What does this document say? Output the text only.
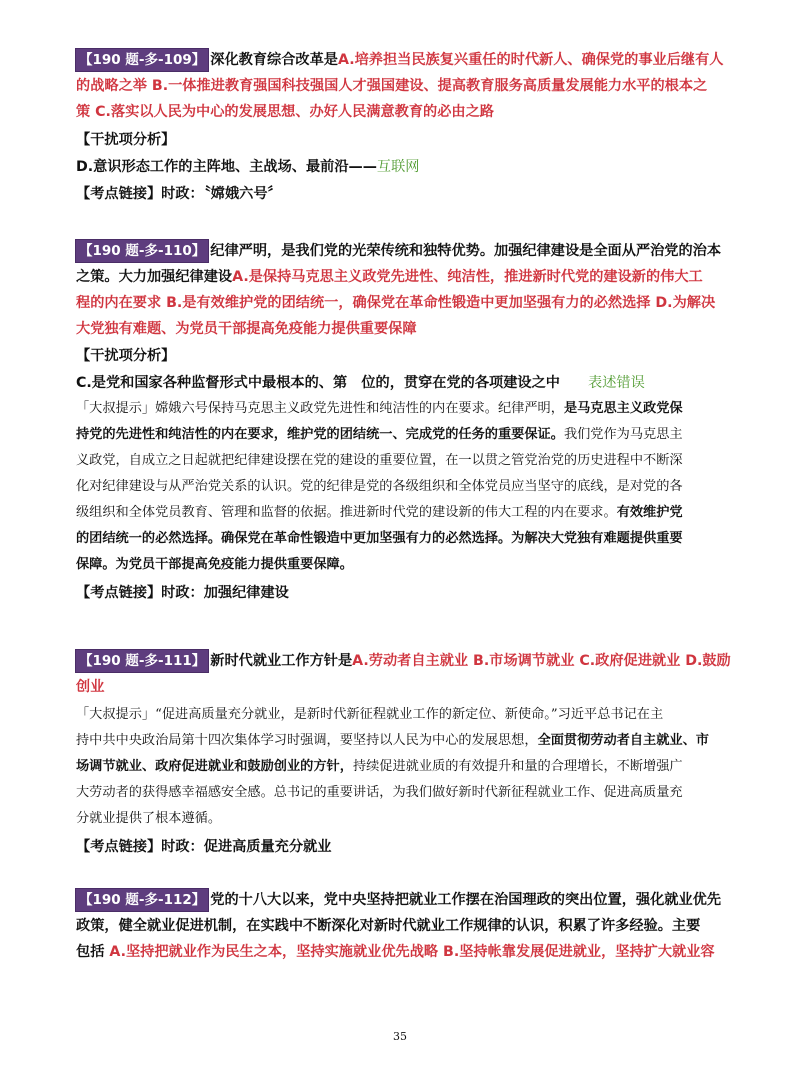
【190 题-多-109】 深化教育综合改革是A.培养担当民族复兴重任的时代新人、确保党的事业后继有人
的战略之举 B.一体推进教育强国科技强国人才强国建设、提高教育服务高质量发展能力水平的根本之
策 C.落实以人民为中心的发展思想、办好人民满意教育的必由之路
【干扰项分析】
D.意识形态工作的主阵地、主战场、最前沿——互联网
【考点链接】时政：〝嫦娥六号〞
【190 题-多-110】 纪律严明，是我们党的光荣传统和独特优势。加强纪律建设是全面从严治党的治本
之策。大力加强纪律建设A.是保持马克思主义政党先进性、纯洁性，推进新时代党的建设新的伟大工
程的内在要求 B.是有效维护党的团结统一，确保党在革命性锻造中更加坚强有力的必然选择 D.为解决
大党独有难题、为党员干部提高免疫能力提供重要保障
【干扰项分析】
C.是党和国家各种监督形式中最根本的、第　位的，贯穿在党的各项建设之中 表述错误
「大叔提示」嫦娥六号保持马克思主义政党先进性和纯洁性的内在要求。纪律严明，是马克思主义政党保
持党的先进性和纯洁性的内在要求，维护党的团结统一、完成党的任务的重要保证。我们党作为马克思主
义政党，自成立之日起就把纪律建设摆在党的建设的重要位置，在一以贯之管党治党的历史进程中不断深
化对纪律建设与从严治党关系的认识。党的纪律是党的各级组织和全体党员应当坚守的底线，是对党的各
级组织和全体党员教育、管理和监督的依据。推进新时代党的建设新的伟大工程的内在要求。有效维护党
的团结统一的必然选择。确保党在革命性锻造中更加坚强有力的必然选择。为解决大党独有难题提供重要
保障。为党员干部提高免疫能力提供重要保障。
【考点链接】时政：加强纪律建设
【190 题-多-111】 新时代就业工作方针是A.劳动者自主就业 B.市场调节就业 C.政府促进就业 D.鼓励
创业
「大叔提示」“促进高质量充分就业，是新时代新征程就业工作的新定位、新使命。”习近平总书记在主
持中共中央政治局第十四次集体学习时强调，要坚持以人民为中心的发展思想，全面贯彻劳动者自主就业、市
场调节就业、政府促进就业和鼓励创业的方针，持续促进就业质的有效提升和量的合理增长，不断增强广
大劳动者的获得感幸福感安全感。总书记的重要讲话，为我们做好新时代新征程就业工作、促进高质量充
分就业提供了根本遵循。
【考点链接】时政：促进高质量充分就业
【190 题-多-112】 党的十八大以来，党中央坚持把就业工作摆在治国理政的突出位置，强化就业优先
政策，健全就业促进机制，在实践中不断深化对新时代就业工作规律的认识，积累了许多经验。主要
包括 A.坚持把就业作为民生之本，坚持实施就业优先战略 B.坚持帐靠发展促进就业，坚持扩大就业容
35
